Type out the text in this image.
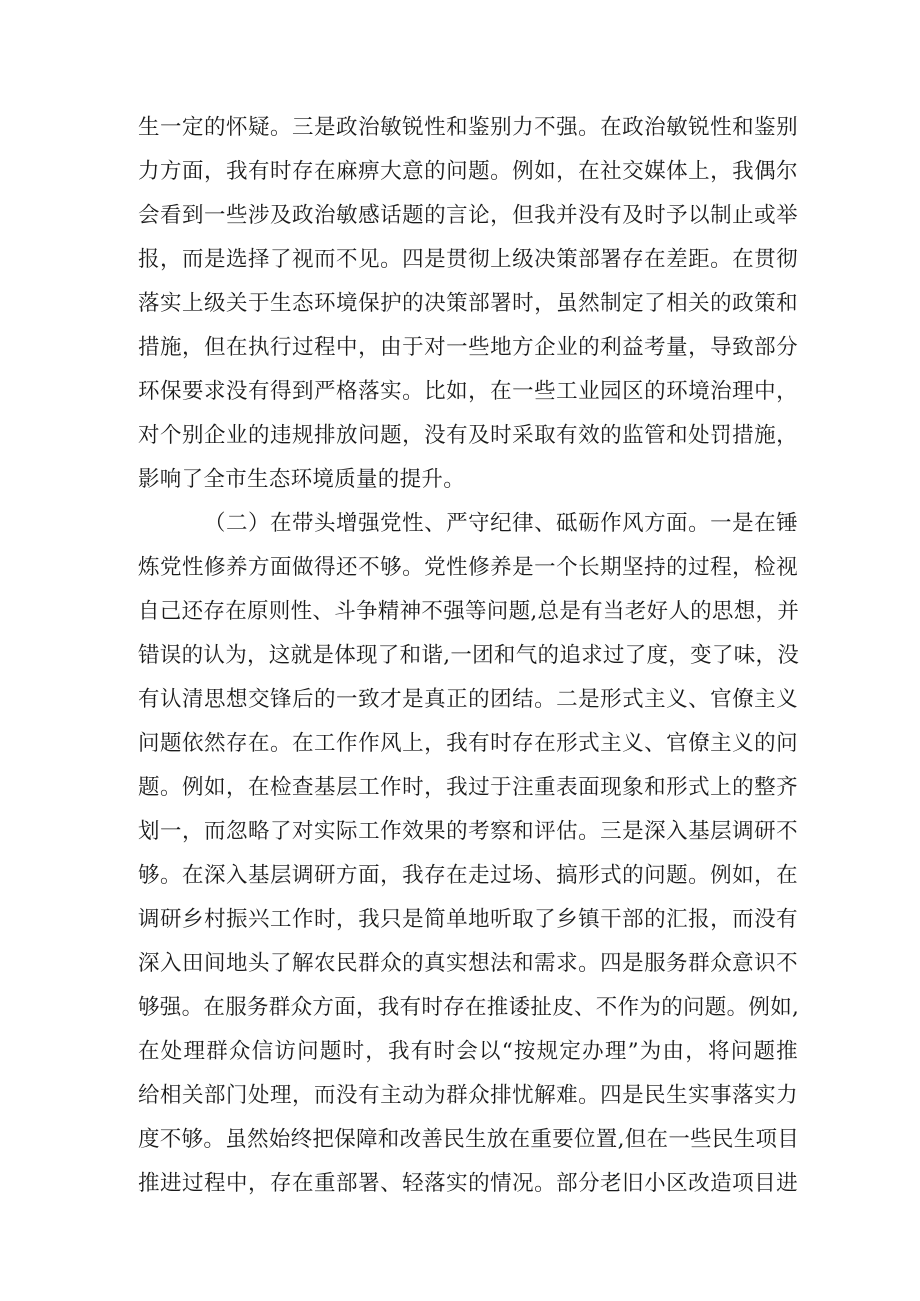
生一定的怀疑。三是政治敏锐性和鉴别力不强。在政治敏锐性和鉴别
力方面，我有时存在麻痹大意的问题。例如，在社交媒体上，我偶尔
会看到一些涉及政治敏感话题的言论，但我并没有及时予以制止或举
报，而是选择了视而不见。四是贯彻上级决策部署存在差距。在贯彻
落实上级关于生态环境保护的决策部署时，虽然制定了相关的政策和
措施，但在执行过程中，由于对一些地方企业的利益考量，导致部分
环保要求没有得到严格落实。比如，在一些工业园区的环境治理中，
对个别企业的违规排放问题，没有及时采取有效的监管和处罚措施，
影响了全市生态环境质量的提升。
（二）在带头增强党性、严守纪律、砥砺作风方面。一是在锤
炼党性修养方面做得还不够。党性修养是一个长期坚持的过程，检视
自己还存在原则性、斗争精神不强等问题,总是有当老好人的思想，并
错误的认为，这就是体现了和谐,一团和气的追求过了度，变了味，没
有认清思想交锋后的一致才是真正的团结。二是形式主义、官僚主义
问题依然存在。在工作作风上，我有时存在形式主义、官僚主义的问
题。例如，在检查基层工作时，我过于注重表面现象和形式上的整齐
划一，而忽略了对实际工作效果的考察和评估。三是深入基层调研不
够。在深入基层调研方面，我存在走过场、搞形式的问题。例如，在
调研乡村振兴工作时，我只是简单地听取了乡镇干部的汇报，而没有
深入田间地头了解农民群众的真实想法和需求。四是服务群众意识不
够强。在服务群众方面，我有时存在推诿扯皮、不作为的问题。例如,
在处理群众信访问题时，我有时会以“按规定办理”为由，将问题推
给相关部门处理，而没有主动为群众排忧解难。四是民生实事落实力
度不够。虽然始终把保障和改善民生放在重要位置,但在一些民生项目
推进过程中，存在重部署、轻落实的情况。部分老旧小区改造项目进
